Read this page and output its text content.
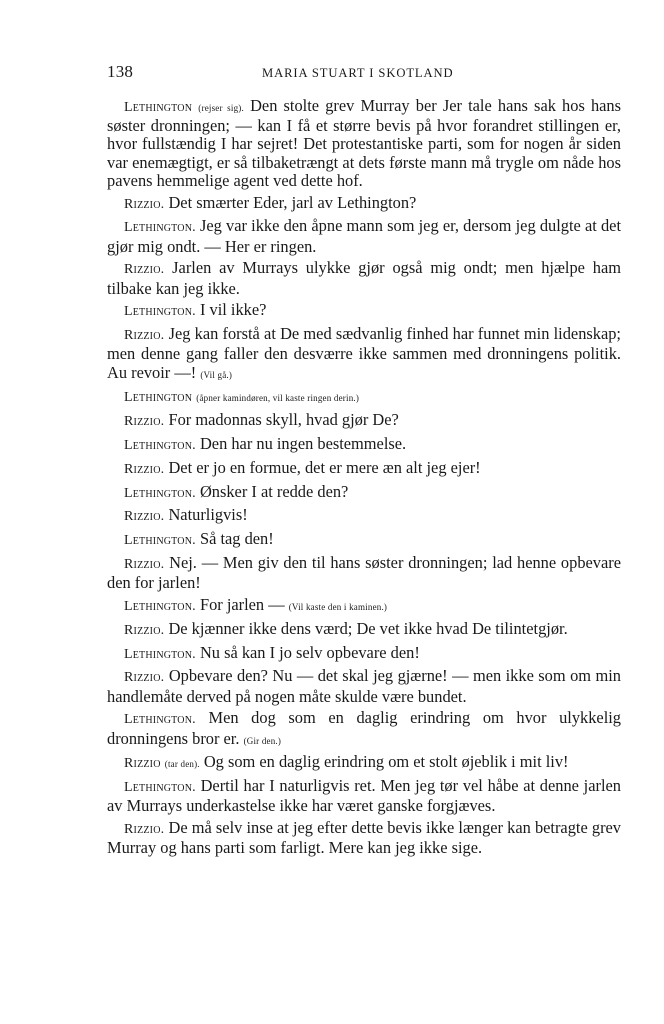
138	MARIA STUART I SKOTLAND

Lethington (rejser sig). Den stolte grev Murray ber Jer tale hans sak hos hans søster dronningen; — kan I få et større bevis på hvor forandret stillingen er, hvor fullstændig I har sejret! Det protestantiske parti, som for nogen år siden var enemægtigt, er så tilbaketrængt at dets første mann må trygle om nåde hos pavens hemmelige agent ved dette hof.

Rizzio. Det smærter Eder, jarl av Lethington?

Lethington. Jeg var ikke den åpne mann som jeg er, dersom jeg dulgte at det gjør mig ondt. — Her er ringen.

Rizzio. Jarlen av Murrays ulykke gjør også mig ondt; men hjælpe ham tilbake kan jeg ikke.

Lethington. I vil ikke?

Rizzio. Jeg kan forstå at De med sædvanlig finhed har funnet min lidenskap; men denne gang faller den desværre ikke sammen med dronningens politik. Au revoir —! (Vil gå.)

Lethington (åpner kamindøren, vil kaste ringen derin.)

Rizzio. For madonnas skyll, hvad gjør De?

Lethington. Den har nu ingen bestemmelse.

Rizzio. Det er jo en formue, det er mere æn alt jeg ejer!

Lethington. Ønsker I at redde den?

Rizzio. Naturligvis!

Lethington. Så tag den!

Rizzio. Nej. — Men giv den til hans søster dronningen; lad henne opbevare den for jarlen!

Lethington. For jarlen — (Vil kaste den i kaminen.)

Rizzio. De kjænner ikke dens værd; De vet ikke hvad De tilintetgjør.

Lethington. Nu så kan I jo selv opbevare den!

Rizzio. Opbevare den? Nu — det skal jeg gjærne! — men ikke som om min handlemåte derved på nogen måte skulde være bundet.

Lethington. Men dog som en daglig erindring om hvor ulykkelig dronningens bror er. (Gir den.)

Rizzio (tar den). Og som en daglig erindring om et stolt øjeblik i mit liv!

Lethington. Dertil har I naturligvis ret. Men jeg tør vel håbe at denne jarlen av Murrays underkastelse ikke har været ganske forgjæves.

Rizzio. De må selv inse at jeg efter dette bevis ikke længer kan betragte grev Murray og hans parti som farligt. Mere kan jeg ikke sige.
